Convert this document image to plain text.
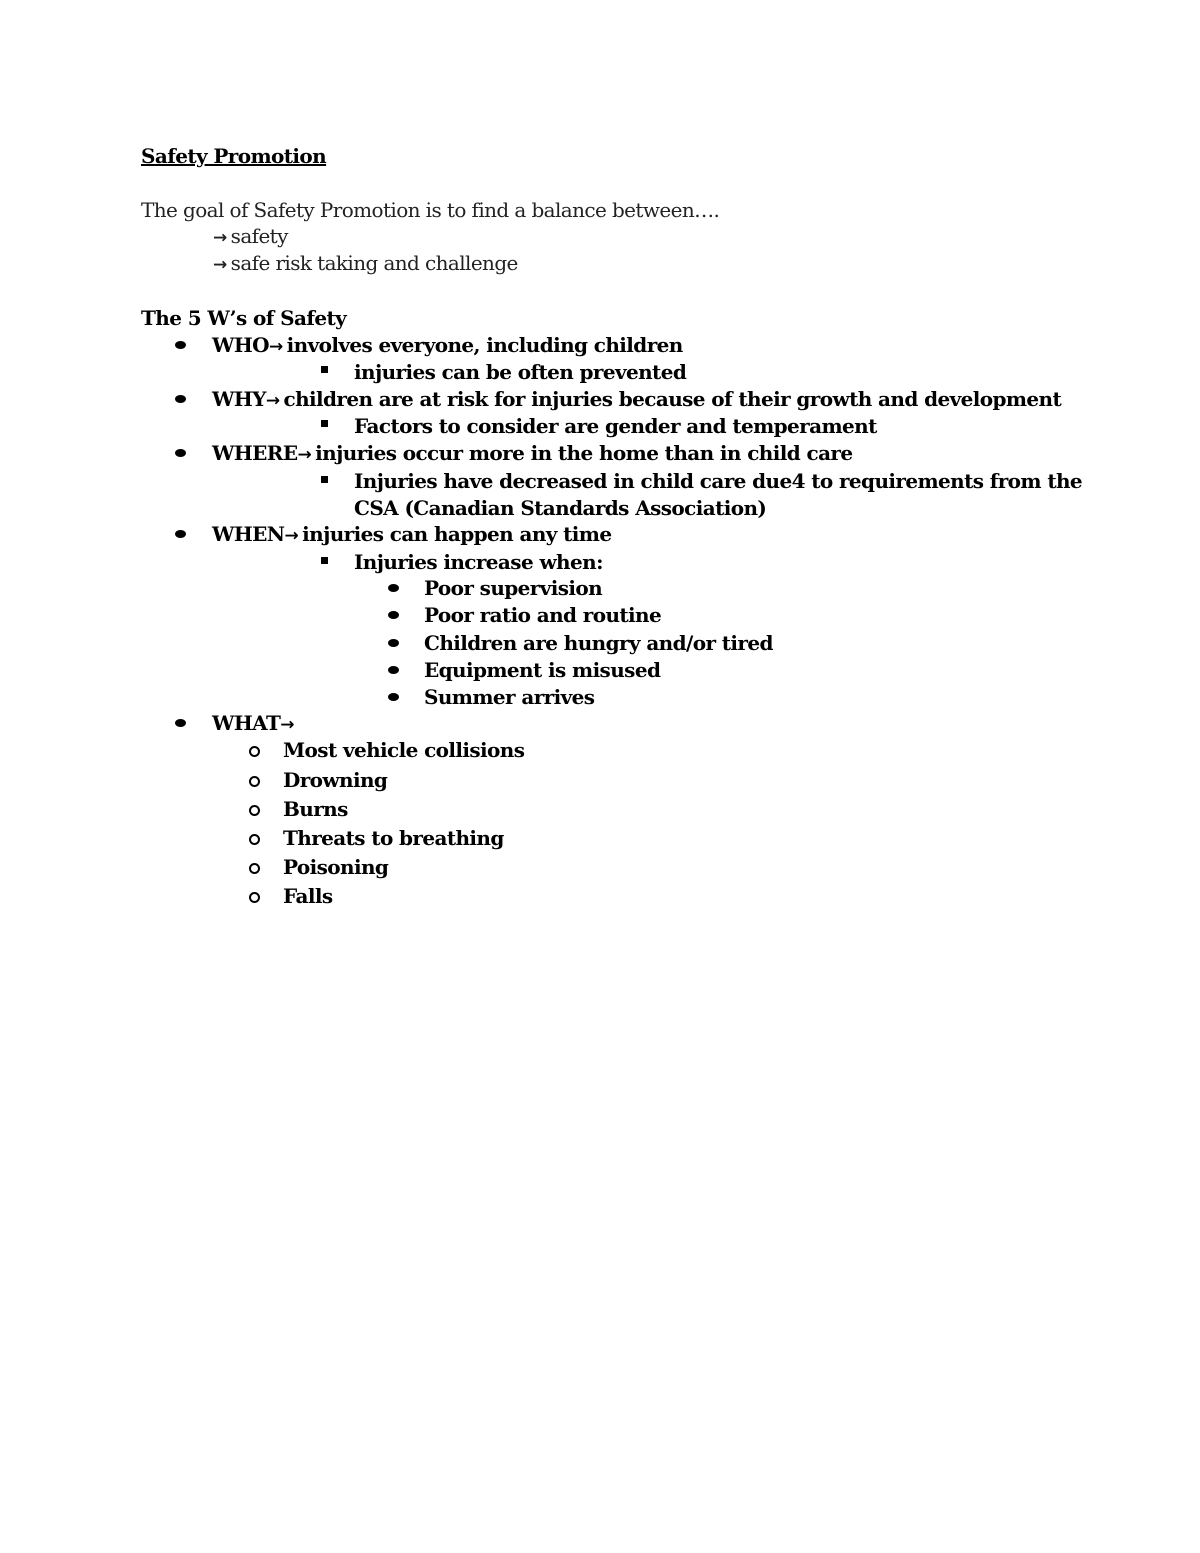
Safety Promotion
The goal of Safety Promotion is to find a balance between….
→ safety
→ safe risk taking and challenge
The 5 W’s of Safety
WHO→ involves everyone, including children
injuries can be often prevented
WHY→ children are at risk for injuries because of their growth and development
Factors to consider are gender and temperament
WHERE→ injuries occur more in the home than in child care
Injuries have decreased in child care due4 to requirements from the
CSA (Canadian Standards Association)
WHEN→ injuries can happen any time
Injuries increase when:
Poor supervision
Poor ratio and routine
Children are hungry and/or tired
Equipment is misused
Summer arrives
WHAT→
Most vehicle collisions
Drowning
Burns
Threats to breathing
Poisoning
Falls
